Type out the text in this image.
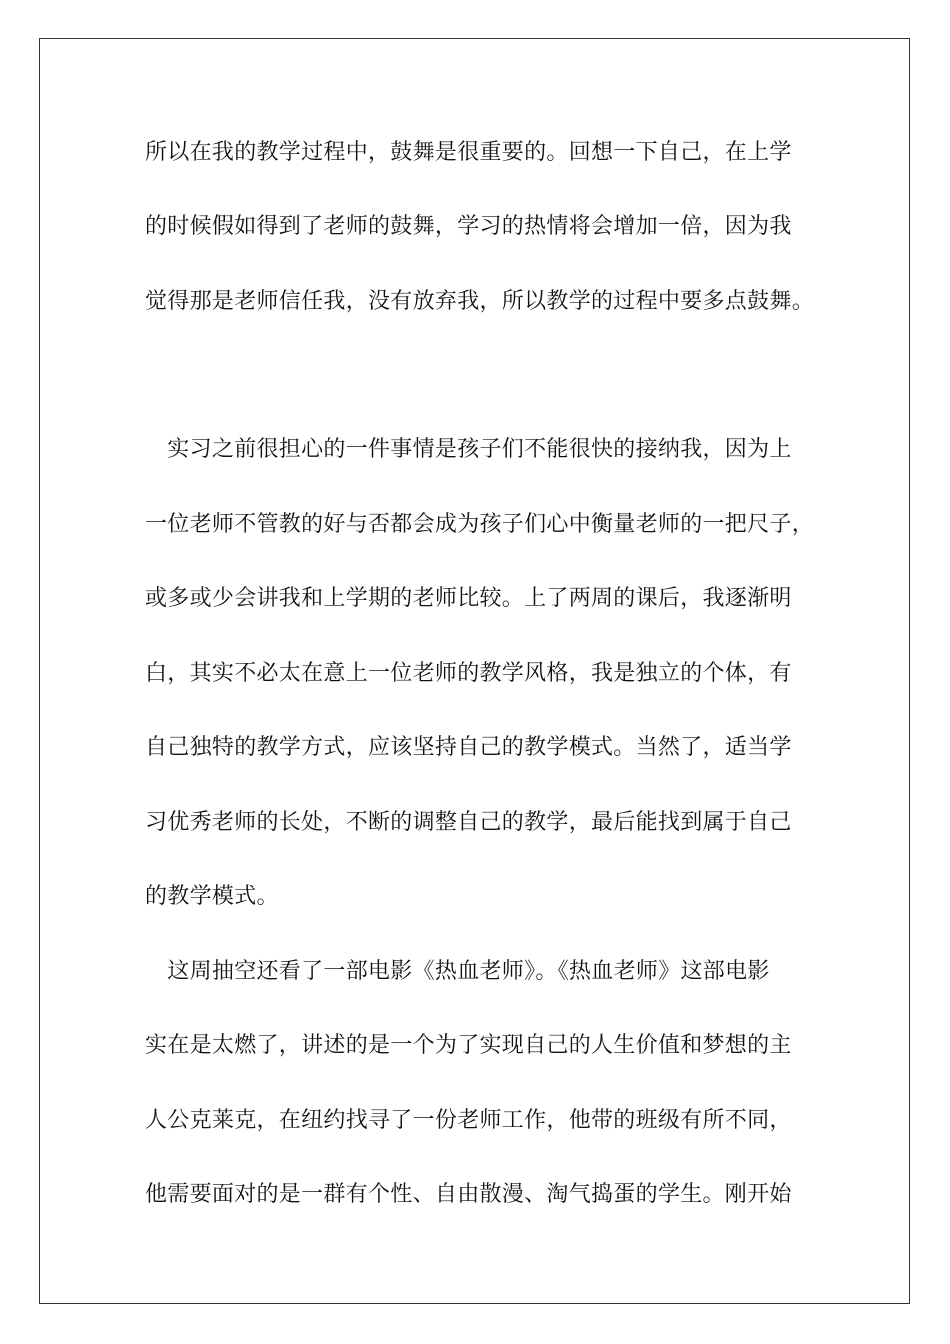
所以在我的教学过程中，鼓舞是很重要的。回想一下自己，在上学
的时候假如得到了老师的鼓舞，学习的热情将会增加一倍，因为我
觉得那是老师信任我，没有放弃我，所以教学的过程中要多点鼓舞。
　实习之前很担心的一件事情是孩子们不能很快的接纳我，因为上
一位老师不管教的好与否都会成为孩子们心中衡量老师的一把尺子，
或多或少会讲我和上学期的老师比较。上了两周的课后，我逐渐明
白，其实不必太在意上一位老师的教学风格，我是独立的个体，有
自己独特的教学方式，应该坚持自己的教学模式。当然了，适当学
习优秀老师的长处，不断的调整自己的教学，最后能找到属于自己
的教学模式。
　这周抽空还看了一部电影《热血老师》。《热血老师》这部电影
实在是太燃了，讲述的是一个为了实现自己的人生价值和梦想的主
人公克莱克，在纽约找寻了一份老师工作，他带的班级有所不同，
他需要面对的是一群有个性、自由散漫、淘气捣蛋的学生。刚开始
